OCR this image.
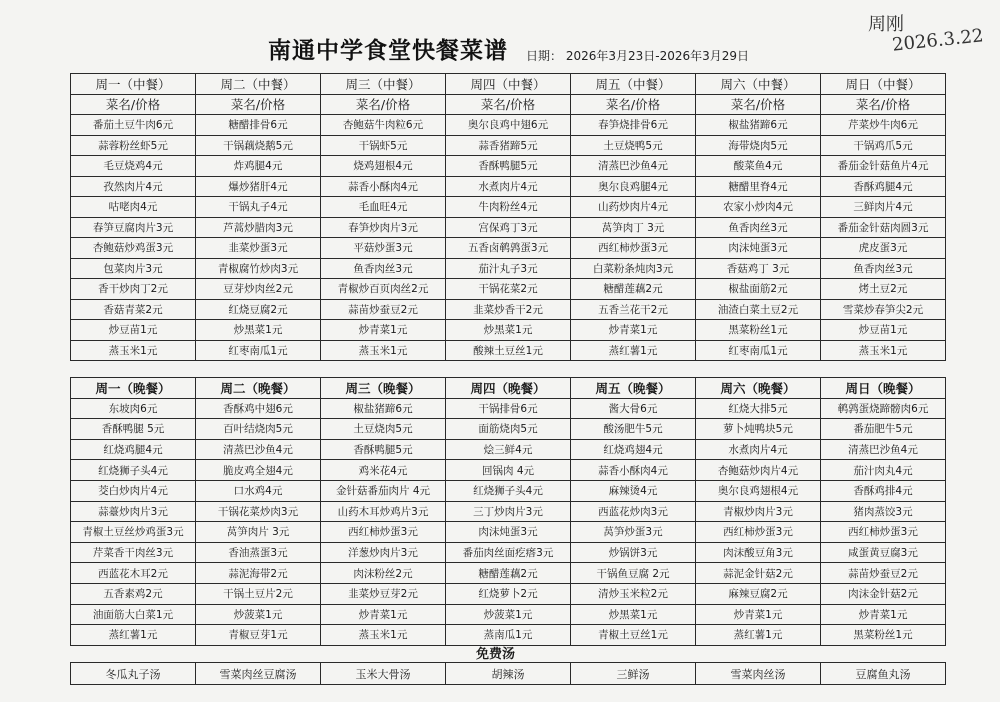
南通中学食堂快餐菜谱 日期： 2026年3月23日-2026年3月29日
周刚
2026.3.22
周一（中餐）	周二（中餐）	周三（中餐）	周四（中餐）	周五（中餐）	周六（中餐）	周日（中餐）
菜名/价格	菜名/价格	菜名/价格	菜名/价格	菜名/价格	菜名/价格	菜名/价格
番茄土豆牛肉6元	糖醋排骨6元	杏鲍菇牛肉粒6元	奥尔良鸡中翅6元	春笋烧排骨6元	椒盐猪蹄6元	芹菜炒牛肉6元
蒜蓉粉丝虾5元	干锅藕烧鹅5元	干锅虾5元	蒜香猪蹄5元	土豆烧鸭5元	海带烧肉5元	干锅鸡爪5元
毛豆烧鸡4元	炸鸡腿4元	烧鸡翅根4元	香酥鸭腿5元	清蒸巴沙鱼4元	酸菜鱼4元	番茄金针菇鱼片4元
孜然肉片4元	爆炒猪肝4元	蒜香小酥肉4元	水煮肉片4元	奥尔良鸡腿4元	糖醋里脊4元	香酥鸡腿4元
咕咾肉4元	干锅丸子4元	毛血旺4元	牛肉粉丝4元	山药炒肉片4元	农家小炒肉4元	三鲜肉片4元
春笋豆腐肉片3元	芦蒿炒腊肉3元	春笋炒肉片3元	宫保鸡丁3元	莴笋肉丁 3元	鱼香肉丝3元	番茄金针菇肉圆3元
杏鲍菇炒鸡蛋3元	韭菜炒蛋3元	平菇炒蛋3元	五香卤鹌鹑蛋3元	西红柿炒蛋3元	肉沫炖蛋3元	虎皮蛋3元
包菜肉片3元	青椒腐竹炒肉3元	鱼香肉丝3元	茄汁丸子3元	白菜粉条炖肉3元	香菇鸡丁 3元	鱼香肉丝3元
香干炒肉丁2元	豆芽炒肉丝2元	青椒炒百页肉丝2元	干锅花菜2元	糖醋莲藕2元	椒盐面筋2元	烤土豆2元
香菇青菜2元	红烧豆腐2元	蒜苗炒蚕豆2元	韭菜炒香干2元	五香兰花干2元	油渣白菜土豆2元	雪菜炒春笋尖2元
炒豆苗1元	炒黑菜1元	炒青菜1元	炒黑菜1元	炒青菜1元	黑菜粉丝1元	炒豆苗1元
蒸玉米1元	红枣南瓜1元	蒸玉米1元	酸辣土豆丝1元	蒸红薯1元	红枣南瓜1元	蒸玉米1元
周一（晚餐）	周二（晚餐）	周三（晚餐）	周四（晚餐）	周五（晚餐）	周六（晚餐）	周日（晚餐）
东坡肉6元	香酥鸡中翅6元	椒盐猪蹄6元	干锅排骨6元	酱大骨6元	红烧大排5元	鹌鹑蛋烧蹄髈肉6元
香酥鸭腿 5元	百叶结烧肉5元	土豆烧肉5元	面筋烧肉5元	酸汤肥牛5元	萝卜炖鸭块5元	番茄肥牛5元
红烧鸡腿4元	清蒸巴沙鱼4元	香酥鸭腿5元	烩三鲜4元	红烧鸡翅4元	水煮肉片4元	清蒸巴沙鱼4元
红烧狮子头4元	脆皮鸡全翅4元	鸡米花4元	回锅肉 4元	蒜香小酥肉4元	杏鲍菇炒肉片4元	茄汁肉丸4元
茭白炒肉片4元	口水鸡4元	金针菇番茄肉片 4元	红烧狮子头4元	麻辣烫4元	奥尔良鸡翅根4元	香酥鸡排4元
蒜薹炒肉片3元	干锅花菜炒肉3元	山药木耳炒鸡片3元	三丁炒肉片3元	西蓝花炒肉3元	青椒炒肉片3元	猪肉蒸饺3元
青椒土豆丝炒鸡蛋3元	莴笋肉片 3元	西红柿炒蛋3元	肉沫炖蛋3元	莴笋炒蛋3元	西红柿炒蛋3元	西红柿炒蛋3元
芹菜香干肉丝3元	香油蒸蛋3元	洋葱炒肉片3元	番茄肉丝面疙瘩3元	炒锅饼3元	肉沫酸豆角3元	咸蛋黄豆腐3元
西蓝花木耳2元	蒜泥海带2元	肉沫粉丝2元	糖醋莲藕2元	干锅鱼豆腐 2元	蒜泥金针菇2元	蒜苗炒蚕豆2元
五香素鸡2元	干锅土豆片2元	韭菜炒豆芽2元	红烧萝卜2元	清炒玉米粒2元	麻辣豆腐2元	肉沫金针菇2元
油面筋大白菜1元	炒菠菜1元	炒青菜1元	炒菠菜1元	炒黑菜1元	炒青菜1元	炒青菜1元
蒸红薯1元	青椒豆芽1元	蒸玉米1元	蒸南瓜1元	青椒土豆丝1元	蒸红薯1元	黑菜粉丝1元
免费汤
冬瓜丸子汤	雪菜肉丝豆腐汤	玉米大骨汤	胡辣汤	三鲜汤	雪菜肉丝汤	豆腐鱼丸汤
